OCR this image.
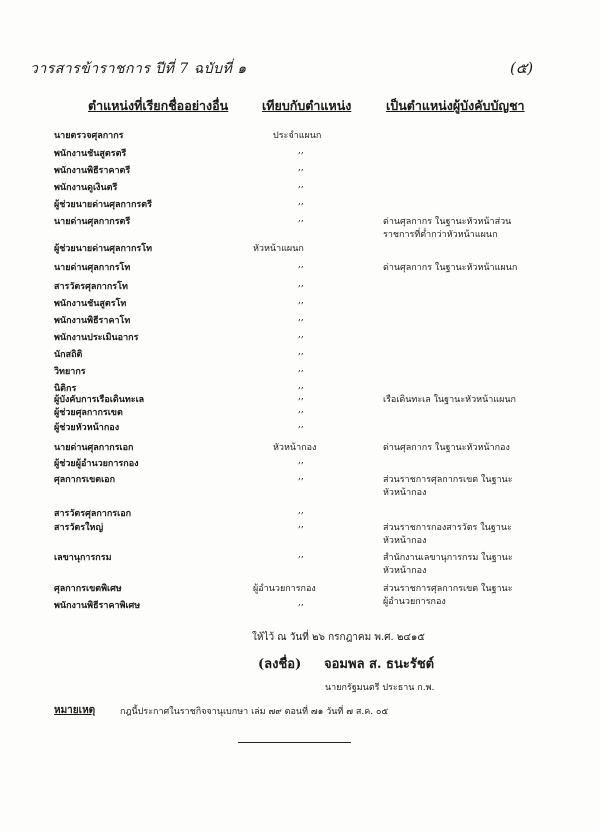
วารสารข้าราชการ ปีที่ 7 ฉบับที่ ๑	(๕)
ตำแหน่งที่เรียกชื่ออย่างอื่น	เทียบกับตำแหน่ง	เป็นตำแหน่งผู้บังคับบัญชา
นายตรวจศุลกากร	ประจำแผนก
พนักงานชันสูตรตรี	,,
พนักงานพิธีราคาตรี	,,
พนักงานดูเงินตรี	,,
ผู้ช่วยนายด่านศุลกากรตรี	,,
นายด่านศุลกากรตรี	,,	ด่านศุลกากร ในฐานะหัวหน้าส่วน
ราชการที่ต่ำกว่าหัวหน้าแผนก
ผู้ช่วยนายด่านศุลกากรโท	หัวหน้าแผนก
นายด่านศุลกากรโท	,,	ด่านศุลกากร ในฐานะหัวหน้าแผนก
สารวัตรศุลกากรโท	,,
พนักงานชันสูตรโท	,,
พนักงานพิธีราคาโท	,,
พนักงานประเมินอากร	,,
นักสถิติ	,,
วิทยากร	,,
นิติกร	,,
ผู้บังคับการเรือเดินทะเล	,,	เรือเดินทะเล ในฐานะหัวหน้าแผนก
ผู้ช่วยศุลกากรเขต	,,
ผู้ช่วยหัวหน้ากอง	,,
นายด่านศุลกากรเอก	หัวหน้ากอง	ด่านศุลกากร ในฐานะหัวหน้ากอง
ผู้ช่วยผู้อำนวยการกอง	,,
ศุลกากรเขตเอก	,,	ส่วนราชการศุลกากรเขต ในฐานะ
หัวหน้ากอง
สารวัตรศุลกากรเอก	,,
สารวัตรใหญ่	,,	ส่วนราชการกองสารวัตร ในฐานะ
หัวหน้ากอง
เลขานุการกรม	,,	สำนักงานเลขานุการกรม ในฐานะ
หัวหน้ากอง
ศุลกากรเขตพิเศษ	ผู้อำนวยการกอง	ส่วนราชการศุลกากรเขต ในฐานะ
ผู้อำนวยการกอง
พนักงานพิธีราคาพิเศษ	,,
ให้ไว้ ณ วันที่ ๒๖ กรกฎาคม พ.ศ. ๒๔๑๕
(ลงชื่อ) จอมพล ส. ธนะรัชต์
นายกรัฐมนตรี ประธาน ก.พ.
หมายเหตุ	กฎนี้ประกาศในราชกิจจานุเบกษา เล่ม ๗๙ ตอนที่ ๗๑ วันที่ ๗ ส.ค. ๐๕
